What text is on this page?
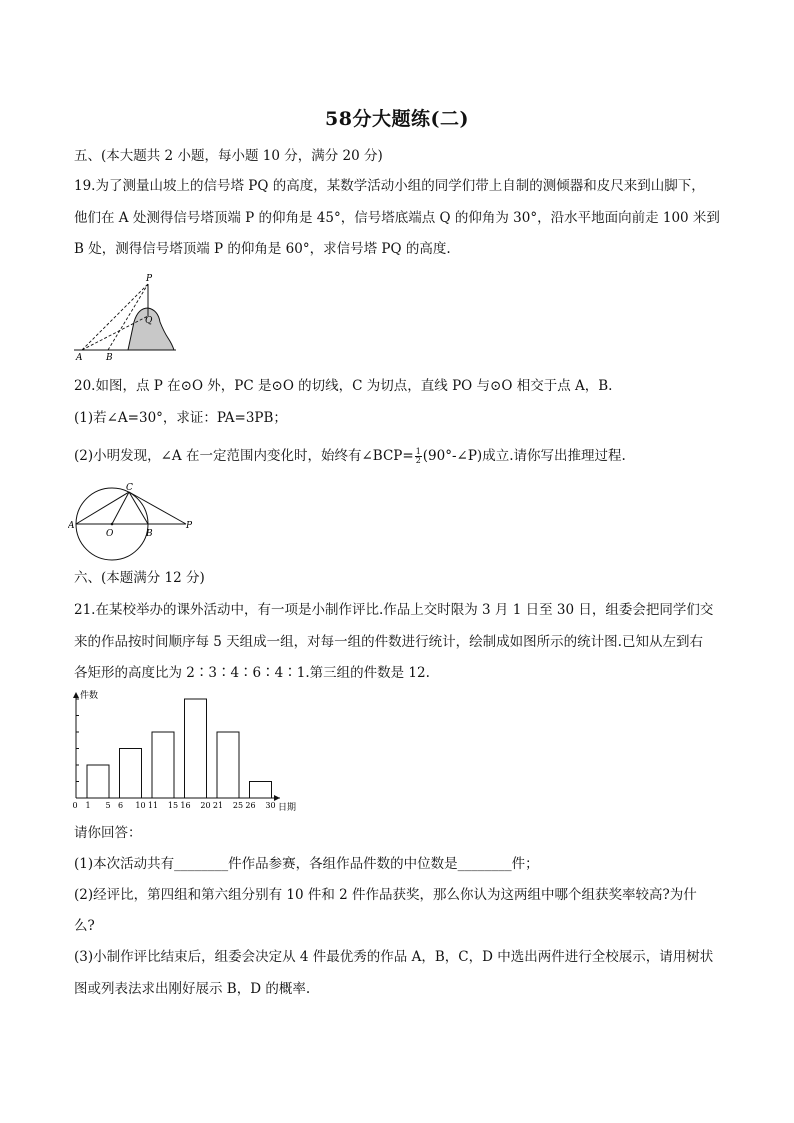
58分大题练(二)
五、(本大题共 2 小题，每小题 10 分，满分 20 分)
19.为了测量山坡上的信号塔 PQ 的高度，某数学活动小组的同学们带上自制的测倾器和皮尺来到山脚下，
他们在 A 处测得信号塔顶端 P 的仰角是 45°，信号塔底端点 Q 的仰角为 30°，沿水平地面向前走 100 米到
B 处，测得信号塔顶端 P 的仰角是 60°，求信号塔 PQ 的高度.
P
Q
A	B
20.如图，点 P 在⊙O 外，PC 是⊙O 的切线，C 为切点，直线 PO 与⊙O 相交于点 A，B.
(1)若∠A=30°，求证：PA=3PB；
(2)小明发现，∠A 在一定范围内变化时，始终有∠BCP= $\frac{1}{2}$ (90°-∠P)成立.请你写出推理过程.
A
O	B
C
P
六、(本题满分 12 分)
21.在某校举办的课外活动中，有一项是小制作评比.作品上交时限为 3 月 1 日至 30 日，组委会把同学们交
来的作品按时间顺序每 5 天组成一组，对每一组的件数进行统计，绘制成如图所示的统计图.已知从左到右
各矩形的高度比为 2∶3∶4∶6∶4∶1.第三组的件数是 12.
件数
日期
0 1 5 6 10 11 15 16 20 21 25 26 30
请你回答：
(1)本次活动共有________件作品参赛，各组作品件数的中位数是________件；
(2)经评比，第四组和第六组分别有 10 件和 2 件作品获奖，那么你认为这两组中哪个组获奖率较高?为什
么?
(3)小制作评比结束后，组委会决定从 4 件最优秀的作品 A，B，C，D 中选出两件进行全校展示，请用树状
图或列表法求出刚好展示 B，D 的概率.
